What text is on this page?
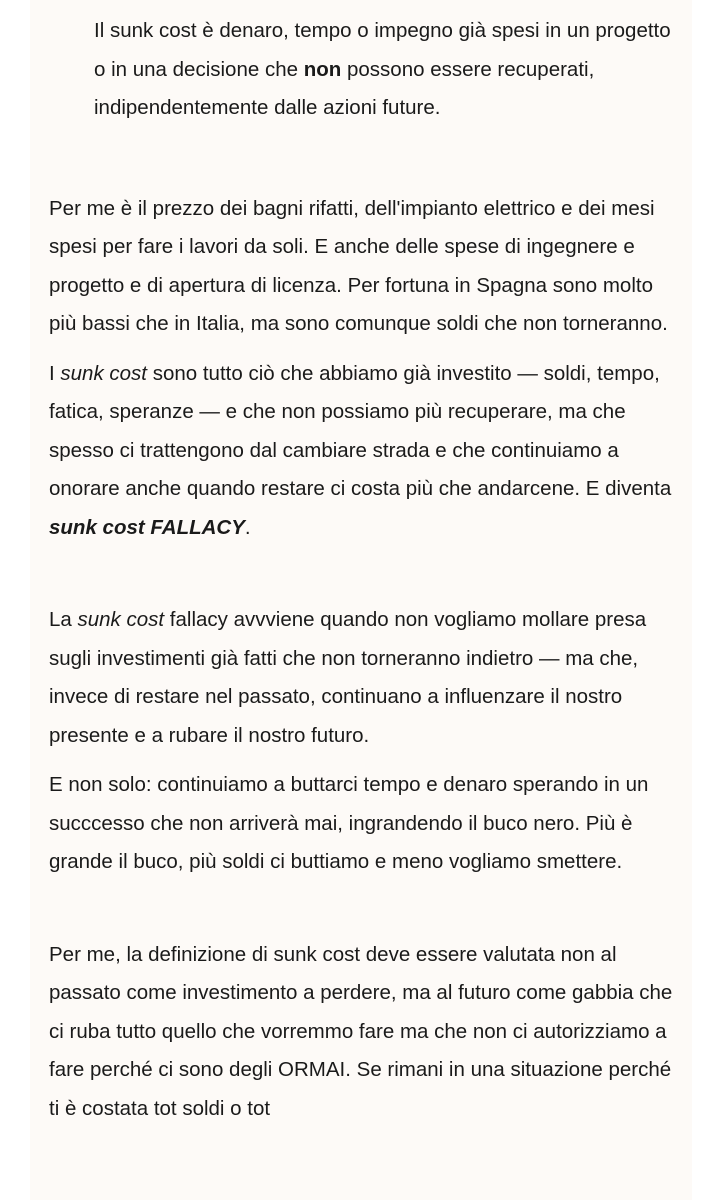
Il sunk cost è denaro, tempo o impegno già spesi in un progetto o in una decisione che non possono essere recuperati, indipendentemente dalle azioni future.

Per me è il prezzo dei bagni rifatti, dell'impianto elettrico e dei mesi spesi per fare i lavori da soli. E anche delle spese di ingegnere e progetto e di apertura di licenza. Per fortuna in Spagna sono molto più bassi che in Italia, ma sono comunque soldi che non torneranno.

I sunk cost sono tutto ciò che abbiamo già investito — soldi, tempo, fatica, speranze — e che non possiamo più recuperare, ma che spesso ci trattengono dal cambiare strada e che continuiamo a onorare anche quando restare ci costa più che andarcene. E diventa sunk cost FALLACY.

La sunk cost fallacy avvviene quando non vogliamo mollare presa sugli investimenti già fatti che non torneranno indietro — ma che, invece di restare nel passato, continuano a influenzare il nostro presente e a rubare il nostro futuro.

E non solo: continuiamo a buttarci tempo e denaro sperando in un succcesso che non arriverà mai, ingrandendo il buco nero. Più è grande il buco, più soldi ci buttiamo e meno vogliamo smettere.

Per me, la definizione di sunk cost deve essere valutata non al passato come investimento a perdere, ma al futuro come gabbia che ci ruba tutto quello che vorremmo fare ma che non ci autorizziamo a fare perché ci sono degli ORMAI. Se rimani in una situazione perché ti è costata tot soldi o tot
